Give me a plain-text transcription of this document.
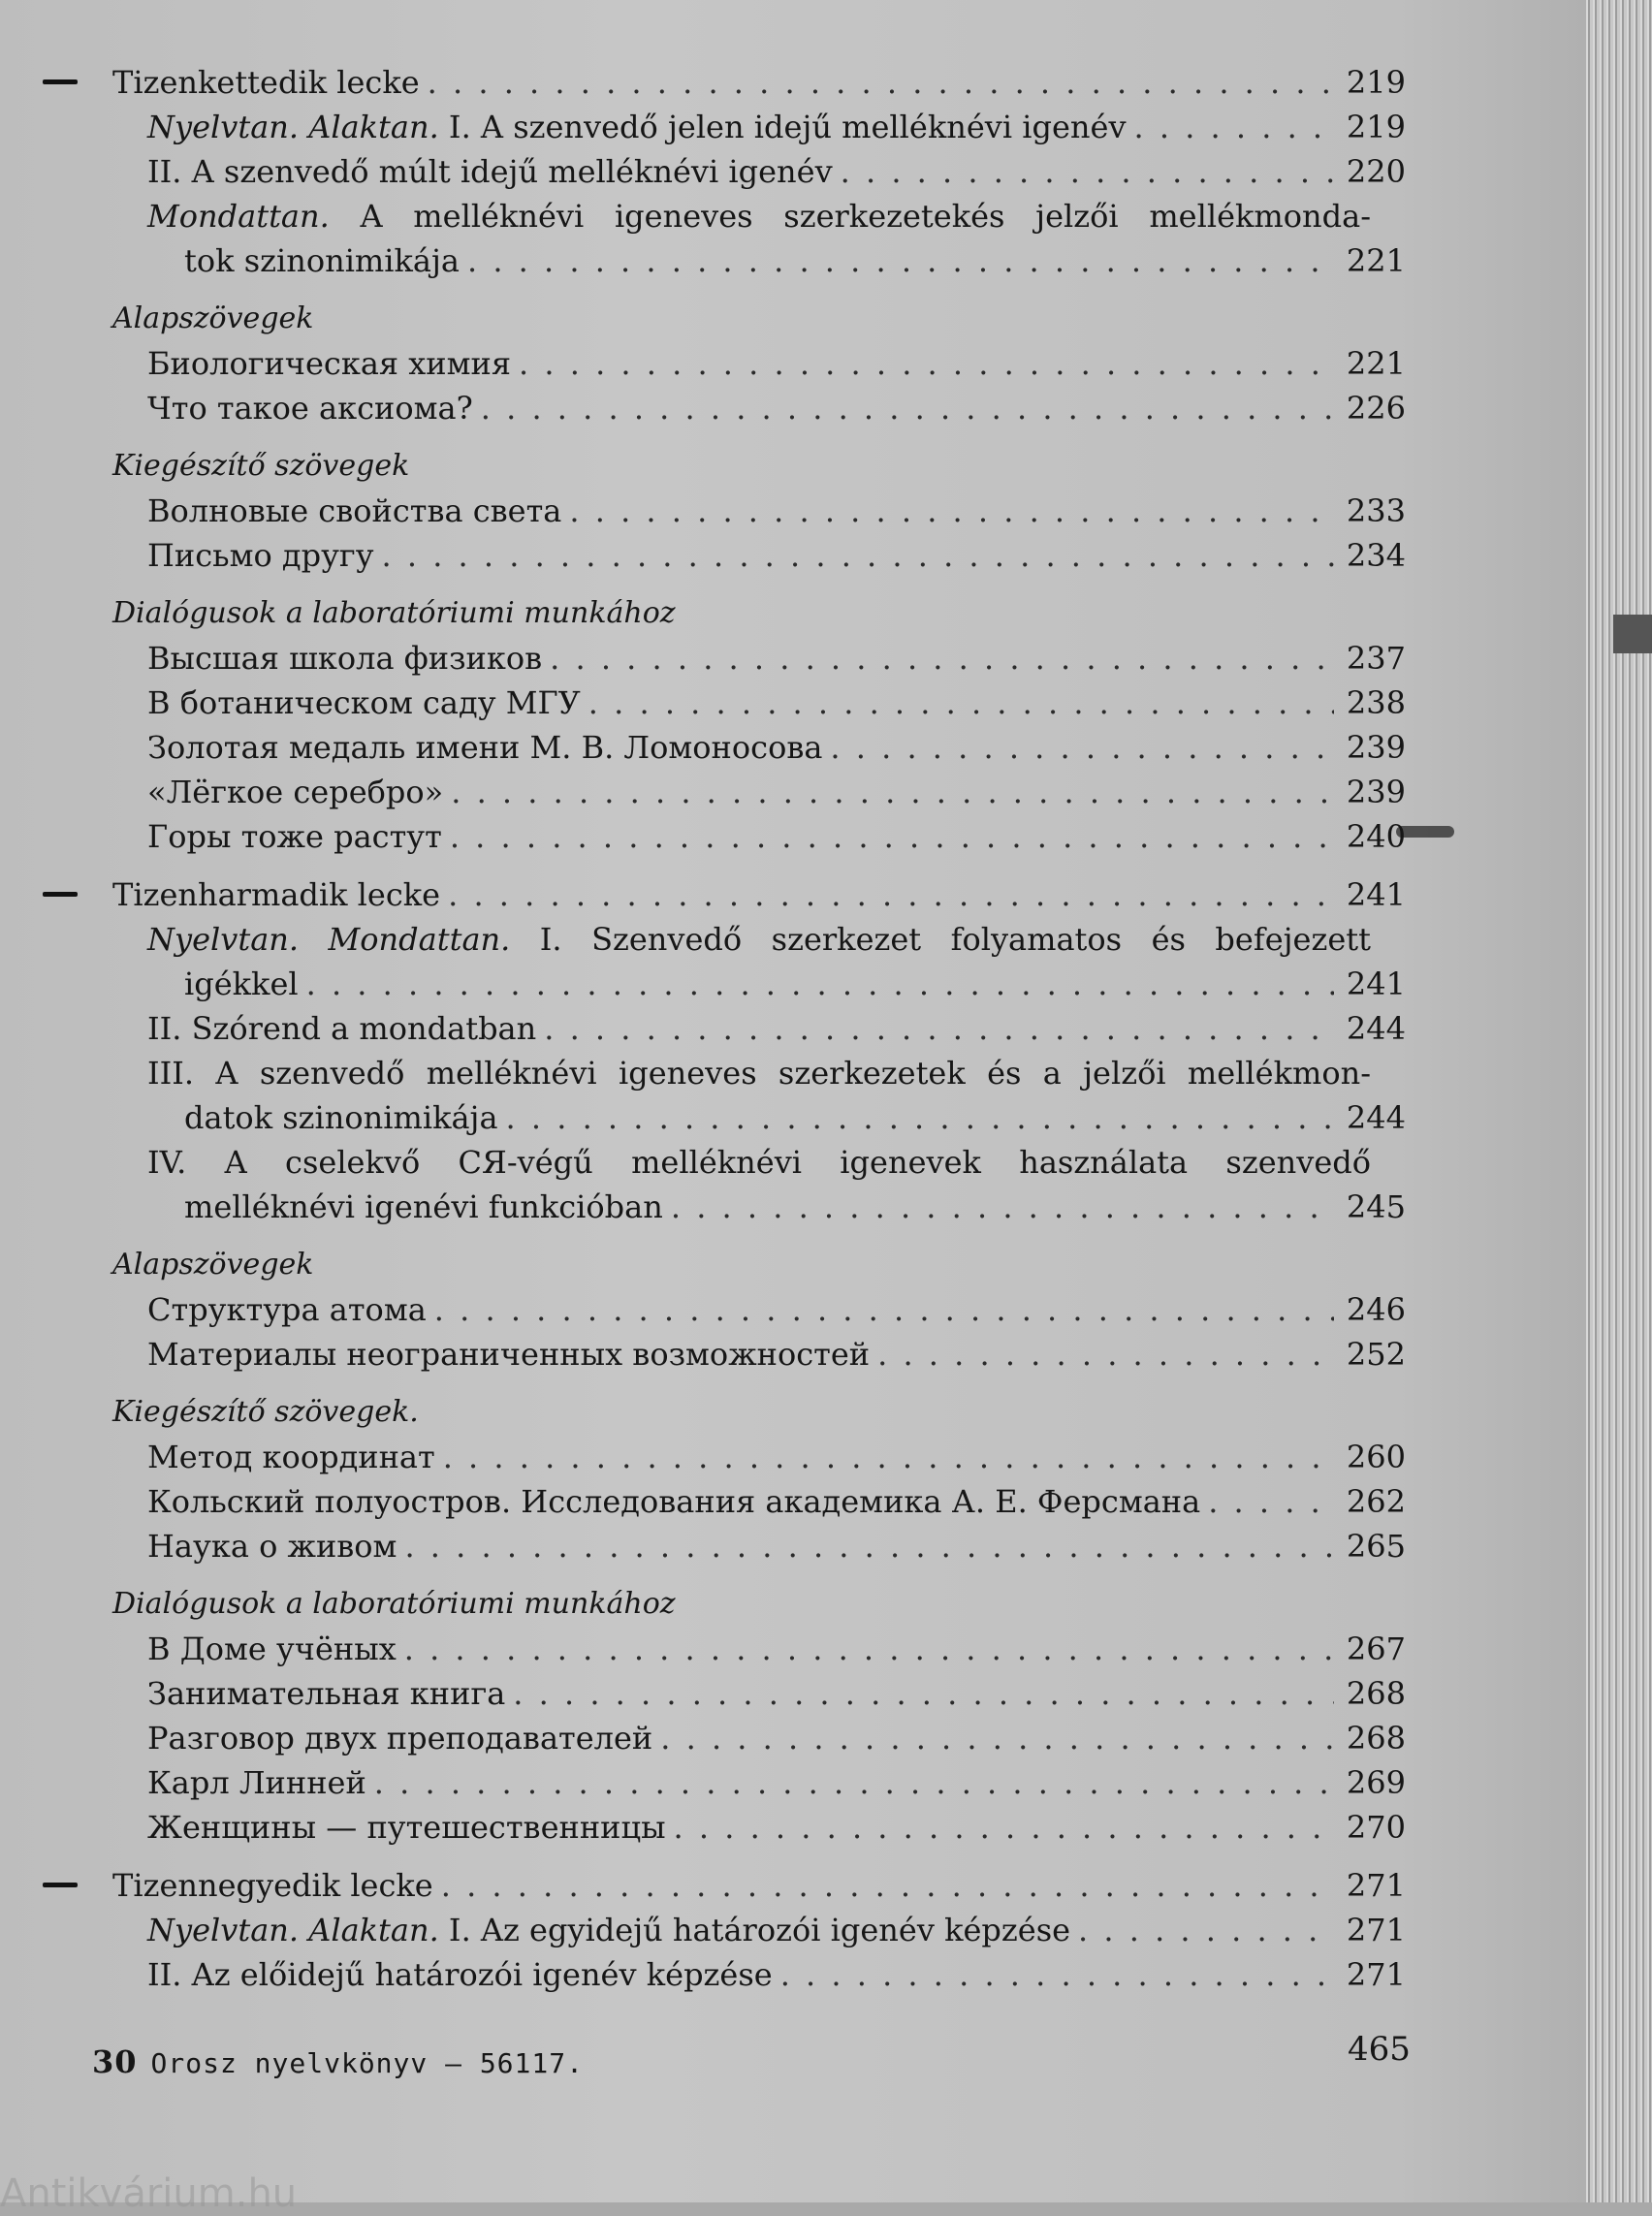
Tizenkettedik lecke . . .	219
Nyelvtan. Alaktan. I. A szenvedő jelen idejű melléknévi igenév . . .	219
II. A szenvedő múlt idejű melléknévi igenév . . .	220
Mondattan. A melléknévi igeneves szerkezetekés jelzői mellékmonda-
tok szinonimikája . . .	221
Alapszövegek
Биологическая химия . . .	221
Что такое аксиома? . . .	226
Kiegészítő szövegek
Волновые свойства света . . .	233
Письмо другу . . .	234
Dialógusok a laboratóriumi munkához
Высшая школа физиков . . .	237
В ботаническом саду МГУ . . .	238
Золотая медаль имени М. В. Ломоносова . . .	239
«Лёгкое серебро» . . .	239
Горы тоже растут . . .	240
Tizenharmadik lecke . . .	241
Nyelvtan. Mondattan. I. Szenvedő szerkezet folyamatos és befejezett
igékkel . . .	241
II. Szórend a mondatban . . .	244
III. A szenvedő melléknévi igeneves szerkezetek és a jelzői mellékmon-
datok szinonimikája . . .	244
IV. A cselekvő СЯ-végű melléknévi igenevek használata szenvedő
melléknévi igenévi funkcióban . . .	245
Alapszövegek
Структура атома . . .	246
Материалы неограниченных возможностей . . .	252
Kiegészítő szövegek.
Метод координат . . .	260
Кольский полуостров. Исследования академика А. Е. Ферсмана . . .	262
Наука о живом . . .	265
Dialógusok a laboratóriumi munkához
В Доме учёных . . .	267
Занимательная книга . . .	268
Разговор двух преподавателей . . .	268
Карл Линней . . .	269
Женщины — путешественницы . . .	270
Tizennegyedik lecke . . .	271
Nyelvtan. Alaktan. I. Az egyidejű határozói igenév képzése . . .	271
II. Az előidejű határozói igenév képzése . . .	271
30 Orosz nyelvkönyv – 56117.	465
Antikvárium.hu
